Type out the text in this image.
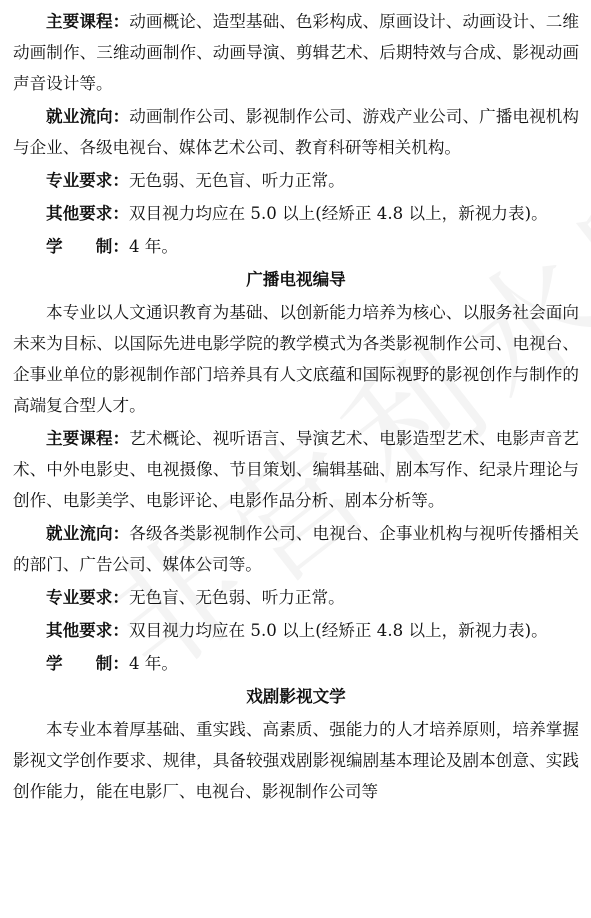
主要课程：动画概论、造型基础、色彩构成、原画设计、动画设计、二维动画制作、三维动画制作、动画导演、剪辑艺术、后期特效与合成、影视动画声音设计等。

就业流向：动画制作公司、影视制作公司、游戏产业公司、广播电视机构与企业、各级电视台、媒体艺术公司、教育科研等相关机构。

专业要求：无色弱、无色盲、听力正常。

其他要求：双目视力均应在 5.0 以上(经矫正 4.8 以上，新视力表)。

学　　制：4 年。

广播电视编导

本专业以人文通识教育为基础、以创新能力培养为核心、以服务社会面向未来为目标、以国际先进电影学院的教学模式为各类影视制作公司、电视台、企事业单位的影视制作部门培养具有人文底蕴和国际视野的影视创作与制作的高端复合型人才。

主要课程：艺术概论、视听语言、导演艺术、电影造型艺术、电影声音艺术、中外电影史、电视摄像、节目策划、编辑基础、剧本写作、纪录片理论与创作、电影美学、电影评论、电影作品分析、剧本分析等。

就业流向：各级各类影视制作公司、电视台、企事业机构与视听传播相关的部门、广告公司、媒体公司等。

专业要求：无色盲、无色弱、听力正常。

其他要求：双目视力均应在 5.0 以上(经矫正 4.8 以上，新视力表)。

学　　制：4 年。

戏剧影视文学

本专业本着厚基础、重实践、高素质、强能力的人才培养原则，培养掌握影视文学创作要求、规律，具备较强戏剧影视编剧基本理论及剧本创意、实践创作能力，能在电影厂、电视台、影视制作公司等
